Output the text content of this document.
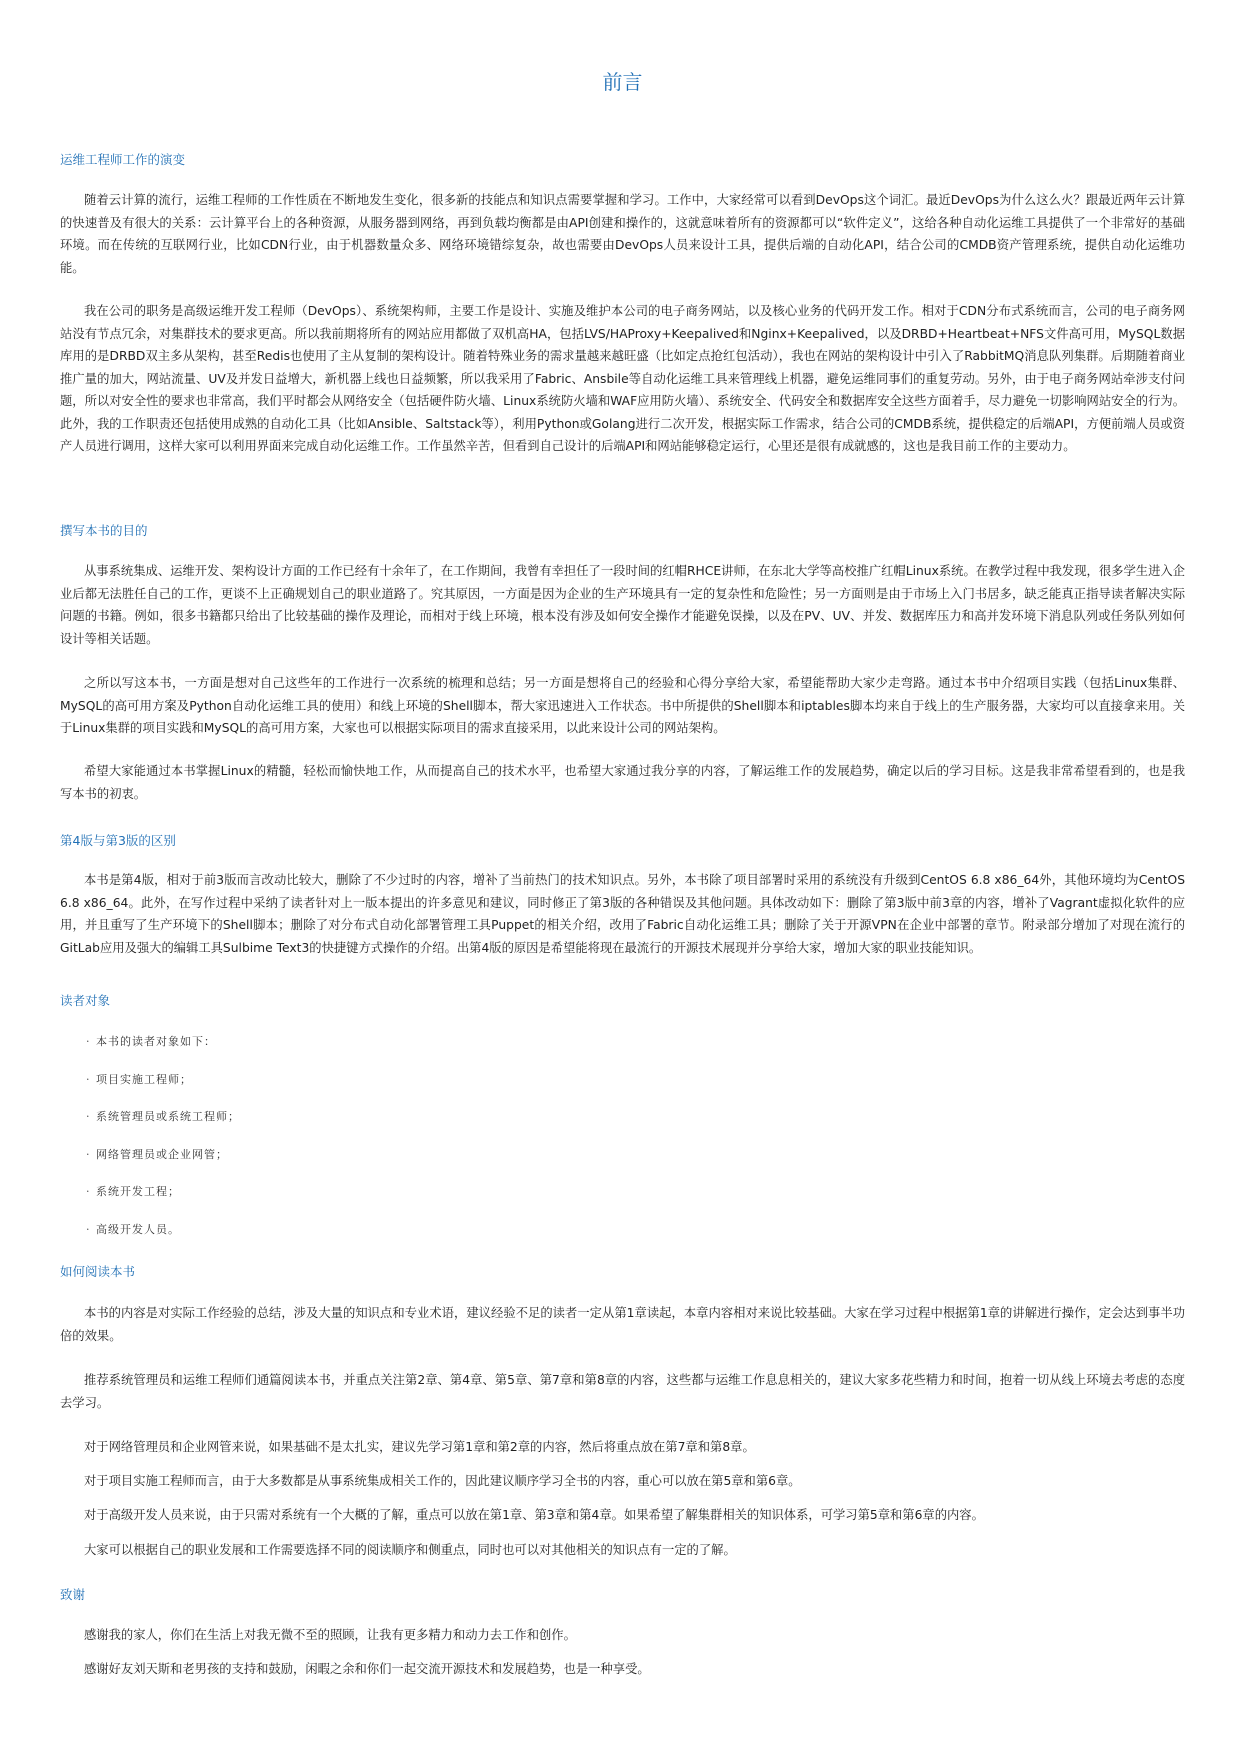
前言
运维工程师工作的演变

随着云计算的流行，运维工程师的工作性质在不断地发生变化，很多新的技能点和知识点需要掌握和学习。工作中，大家经常可以看到DevOps这个词汇。最近DevOps为什么这么火？跟最近两年云计算的快速普及有很大的关系：云计算平台上的各种资源，从服务器到网络，再到负载均衡都是由API创建和操作的，这就意味着所有的资源都可以“软件定义”，这给各种自动化运维工具提供了一个非常好的基础环境。而在传统的互联网行业，比如CDN行业，由于机器数量众多、网络环境错综复杂，故也需要由DevOps人员来设计工具，提供后端的自动化API，结合公司的CMDB资产管理系统，提供自动化运维功能。

我在公司的职务是高级运维开发工程师（DevOps）、系统架构师，主要工作是设计、实施及维护本公司的电子商务网站，以及核心业务的代码开发工作。相对于CDN分布式系统而言，公司的电子商务网站没有节点冗余，对集群技术的要求更高。所以我前期将所有的网站应用都做了双机高HA，包括LVS/HAProxy+Keepalived和Nginx+Keepalived，以及DRBD+Heartbeat+NFS文件高可用，MySQL数据库用的是DRBD双主多从架构，甚至Redis也使用了主从复制的架构设计。随着特殊业务的需求量越来越旺盛（比如定点抢红包活动），我也在网站的架构设计中引入了RabbitMQ消息队列集群。后期随着商业推广量的加大，网站流量、UV及并发日益增大，新机器上线也日益频繁，所以我采用了Fabric、Ansbile等自动化运维工具来管理线上机器，避免运维同事们的重复劳动。另外，由于电子商务网站牵涉支付问题，所以对安全性的要求也非常高，我们平时都会从网络安全（包括硬件防火墙、Linux系统防火墙和WAF应用防火墙）、系统安全、代码安全和数据库安全这些方面着手，尽力避免一切影响网站安全的行为。此外，我的工作职责还包括使用成熟的自动化工具（比如Ansible、Saltstack等），利用Python或Golang进行二次开发，根据实际工作需求，结合公司的CMDB系统，提供稳定的后端API，方便前端人员或资产人员进行调用，这样大家可以利用界面来完成自动化运维工作。工作虽然辛苦，但看到自己设计的后端API和网站能够稳定运行，心里还是很有成就感的，这也是我目前工作的主要动力。

撰写本书的目的

从事系统集成、运维开发、架构设计方面的工作已经有十余年了，在工作期间，我曾有幸担任了一段时间的红帽RHCE讲师，在东北大学等高校推广红帽Linux系统。在教学过程中我发现，很多学生进入企业后都无法胜任自己的工作，更谈不上正确规划自己的职业道路了。究其原因，一方面是因为企业的生产环境具有一定的复杂性和危险性；另一方面则是由于市场上入门书居多，缺乏能真正指导读者解决实际问题的书籍。例如，很多书籍都只给出了比较基础的操作及理论，而相对于线上环境，根本没有涉及如何安全操作才能避免误操，以及在PV、UV、并发、数据库压力和高并发环境下消息队列或任务队列如何设计等相关话题。

之所以写这本书，一方面是想对自己这些年的工作进行一次系统的梳理和总结；另一方面是想将自己的经验和心得分享给大家，希望能帮助大家少走弯路。通过本书中介绍项目实践（包括Linux集群、MySQL的高可用方案及Python自动化运维工具的使用）和线上环境的Shell脚本，帮大家迅速进入工作状态。书中所提供的Shell脚本和iptables脚本均来自于线上的生产服务器，大家均可以直接拿来用。关于Linux集群的项目实践和MySQL的高可用方案，大家也可以根据实际项目的需求直接采用，以此来设计公司的网站架构。

希望大家能通过本书掌握Linux的精髓，轻松而愉快地工作，从而提高自己的技术水平，也希望大家通过我分享的内容，了解运维工作的发展趋势，确定以后的学习目标。这是我非常希望看到的，也是我写本书的初衷。

第4版与第3版的区别

本书是第4版，相对于前3版而言改动比较大，删除了不少过时的内容，增补了当前热门的技术知识点。另外，本书除了项目部署时采用的系统没有升级到CentOS 6.8 x86_64外，其他环境均为CentOS 6.8 x86_64。此外，在写作过程中采纳了读者针对上一版本提出的许多意见和建议，同时修正了第3版的各种错误及其他问题。具体改动如下：删除了第3版中前3章的内容，增补了Vagrant虚拟化软件的应用，并且重写了生产环境下的Shell脚本；删除了对分布式自动化部署管理工具Puppet的相关介绍，改用了Fabric自动化运维工具；删除了关于开源VPN在企业中部署的章节。附录部分增加了对现在流行的GitLab应用及强大的编辑工具Sulbime Text3的快捷键方式操作的介绍。出第4版的原因是希望能将现在最流行的开源技术展现并分享给大家，增加大家的职业技能知识。

读者对象
· 本书的读者对象如下：
· 项目实施工程师；
· 系统管理员或系统工程师；
· 网络管理员或企业网管；
· 系统开发工程；
· 高级开发人员。
如何阅读本书

本书的内容是对实际工作经验的总结，涉及大量的知识点和专业术语，建议经验不足的读者一定从第1章读起，本章内容相对来说比较基础。大家在学习过程中根据第1章的讲解进行操作，定会达到事半功倍的效果。

推荐系统管理员和运维工程师们通篇阅读本书，并重点关注第2章、第4章、第5章、第7章和第8章的内容，这些都与运维工作息息相关的，建议大家多花些精力和时间，抱着一切从线上环境去考虑的态度去学习。

对于网络管理员和企业网管来说，如果基础不是太扎实，建议先学习第1章和第2章的内容，然后将重点放在第7章和第8章。

对于项目实施工程师而言，由于大多数都是从事系统集成相关工作的，因此建议顺序学习全书的内容，重心可以放在第5章和第6章。

对于高级开发人员来说，由于只需对系统有一个大概的了解，重点可以放在第1章、第3章和第4章。如果希望了解集群相关的知识体系，可学习第5章和第6章的内容。

大家可以根据自己的职业发展和工作需要选择不同的阅读顺序和侧重点，同时也可以对其他相关的知识点有一定的了解。

致谢

感谢我的家人，你们在生活上对我无微不至的照顾，让我有更多精力和动力去工作和创作。

感谢好友刘天斯和老男孩的支持和鼓励，闲暇之余和你们一起交流开源技术和发展趋势，也是一种享受。
